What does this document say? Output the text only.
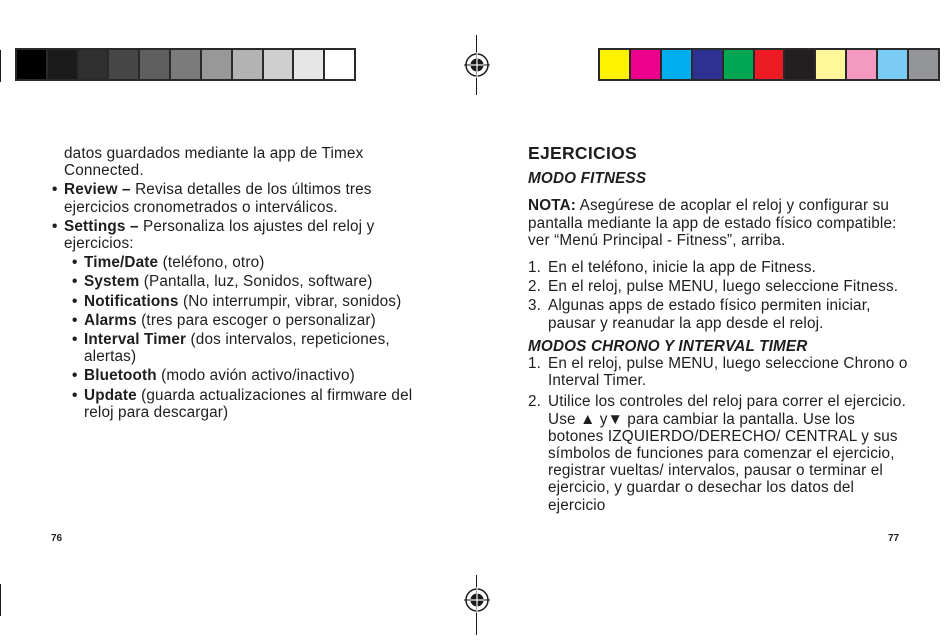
datos guardados mediante la app de Timex Connected.
• Review – Revisa detalles de los últimos tres ejercicios cronometrados o interválicos.
• Settings – Personaliza los ajustes del reloj y ejercicios:
• Time/Date (teléfono, otro)
• System (Pantalla, luz, Sonidos, software)
• Notifications (No interrumpir, vibrar, sonidos)
• Alarms (tres para escoger o personalizar)
• Interval Timer (dos intervalos, repeticiones, alertas)
• Bluetooth (modo avión activo/inactivo)
• Update (guarda actualizaciones al firmware del reloj para descargar)
EJERCICIOS
MODO FITNESS
NOTA: Asegúrese de acoplar el reloj y configurar su pantalla mediante la app de estado físico compatible: ver “Menú Principal - Fitness”, arriba.
1. En el teléfono, inicie la app de Fitness.
2. En el reloj, pulse MENU, luego seleccione Fitness.
3. Algunas apps de estado físico permiten iniciar, pausar y reanudar la app desde el reloj.
MODOS CHRONO Y INTERVAL TIMER
1. En el reloj, pulse MENU, luego seleccione Chrono o Interval Timer.
2. Utilice los controles del reloj para correr el ejercicio. Use ▲ y▼ para cambiar la pantalla. Use los botones IZQUIERDO/DERECHO/ CENTRAL y sus símbolos de funciones para comenzar el ejercicio, registrar vueltas/ intervalos, pausar o terminar el ejercicio, y guardar o desechar los datos del ejercicio
76	77
